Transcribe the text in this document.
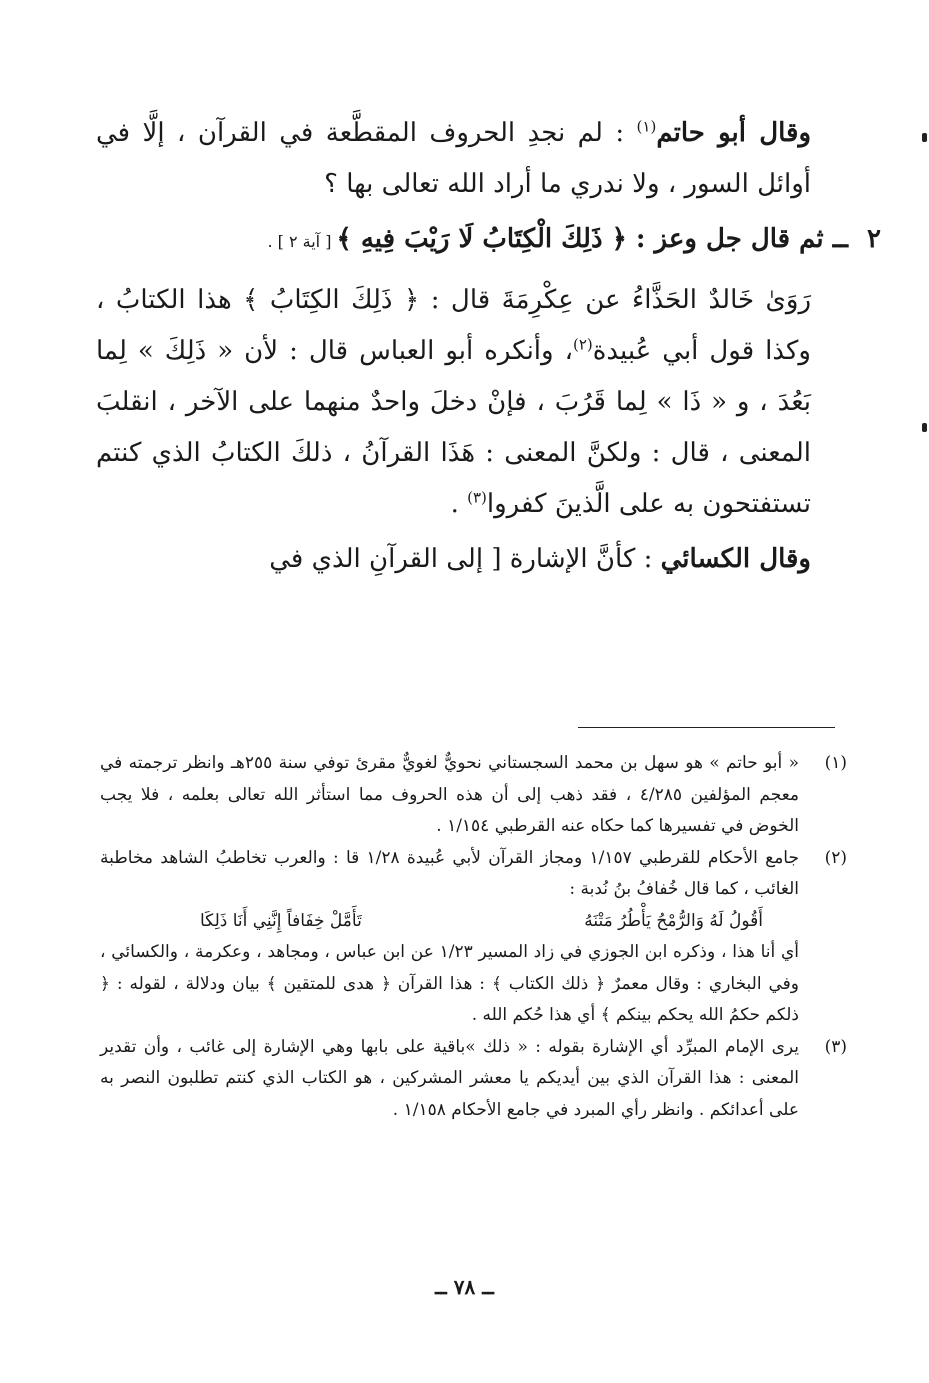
وقال أبو حاتم$^{(١)}$ : لم نجدِ الحروف المقطَّعة في القرآن ، إلَّا في أوائل السور ، ولا ندري ما أراد الله تعالى بها ؟

٢ ــ ثم قال جل وعز : ﴿ ذَلِكَ الْكِتَابُ لَا رَيْبَ فِيهِ ﴾ [ آية ٢ ] .

رَوَىٰ خَالدٌ الحَذَّاءُ عن عِكْرِمَةَ قال : ﴿ ذَلِكَ الكِتَابُ ﴾ هذا الكتابُ ، وكذا قول أبي عُبيدة$^{(٢)}$، وأنكره أبو العباس قال : لأن « ذَلِكَ » لِما بَعُدَ ، و « ذَا » لِما قَرُبَ ، فإنْ دخلَ واحدٌ منهما على الآخر ، انقلبَ المعنى ، قال : ولكنَّ المعنى : هَذَا القرآنُ ، ذلكَ الكتابُ الذي كنتم تستفتحون به على الَّذينَ كفروا$^{(٣)}$ .

وقال الكسائي : كأنَّ الإشارة [ إلى القرآنِ الذي في

(١)
« أبو حاتم » هو سهل بن محمد السجستاني نحويٌّ لغويٌّ مقرئ توفي سنة ٢٥٥هـ وانظر ترجمته في معجم المؤلفين ٤/٢٨٥ ، فقد ذهب إلى أن هذه الحروف مما استأثر الله تعالى بعلمه ، فلا يجب الخوض في تفسيرها كما حكاه عنه القرطبي ١/١٥٤ .

(٢)
جامع الأحكام للقرطبي ١/١٥٧ ومجاز القرآن لأبي عُبيدة ١/٢٨ قا : والعرب تخاطبُ الشاهد مخاطبة الغائب ، كما قال خُفافُ بنُ نُدبة :
أَقُولُ لَهُ وَالرُّمْحُ يَأْطُرُ مَتْنَهُ
تَأَمَّلْ خِفَافاً إِنَّنِي أَنَا ذَلِكَا
أي أنا هذا ، وذكره ابن الجوزي في زاد المسير ١/٢٣ عن ابن عباس ، ومجاهد ، وعكرمة ، والكسائي ، وفي البخاري : وقال معمرٌ ﴿ ذلك الكتاب ﴾ : هذا القرآن ﴿ هدى للمتقين ﴾ بيان ودلالة ، لقوله : ﴿ ذلكم حكمُ الله يحكم بينكم ﴾ أي هذا حُكم الله .

(٣)
يرى الإمام المبرِّد أي الإشارة بقوله : « ذلك »باقية على بابها وهي الإشارة إلى غائب ، وأن تقدير المعنى : هذا القرآن الذي بين أيديكم يا معشر المشركين ، هو الكتاب الذي كنتم تطلبون النصر به على أعدائكم . وانظر رأي المبرد في جامع الأحكام ١/١٥٨ .

ــ ٧٨ ــ
